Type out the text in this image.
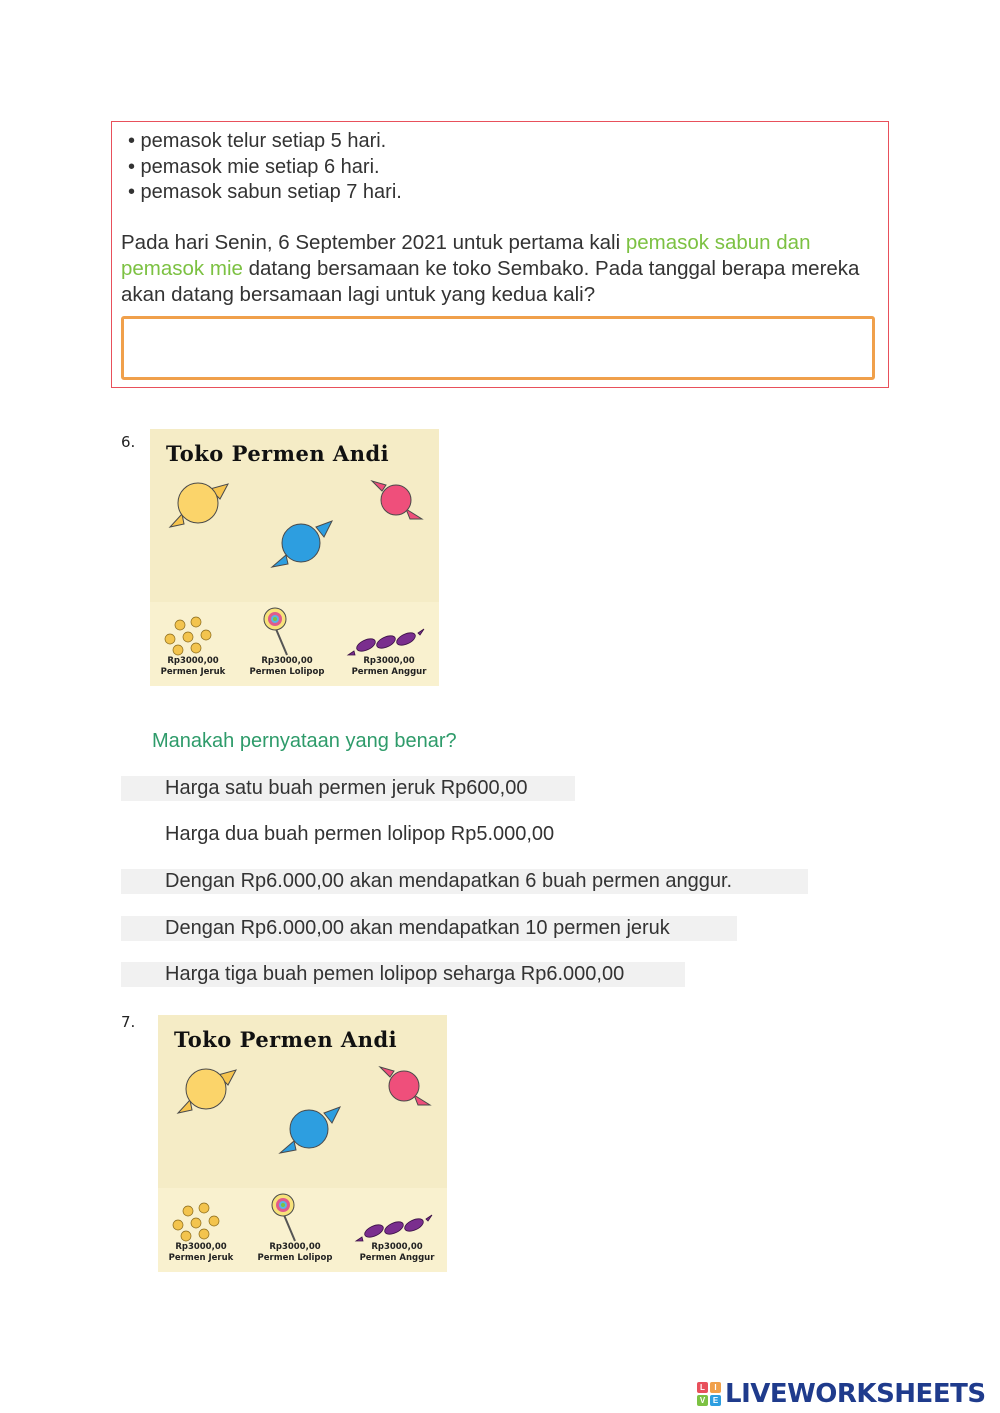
• pemasok telur setiap 5 hari.
• pemasok mie setiap 6 hari.
• pemasok sabun setiap 7 hari.
Pada hari Senin, 6 September 2021 untuk pertama kali pemasok sabun dan pemasok mie datang bersamaan ke toko Sembako. Pada tanggal berapa mereka akan datang bersamaan lagi untuk yang kedua kali?
6. Toko Permen Andi
Rp3000,00
Permen Jeruk
Rp3000,00
Permen Lolipop
Rp3000,00
Permen Anggur
Manakah pernyataan yang benar?
Harga satu buah permen jeruk Rp600,00
Harga dua buah permen lolipop Rp5.000,00
Dengan Rp6.000,00 akan mendapatkan 6 buah permen anggur.
Dengan Rp6.000,00 akan mendapatkan 10 permen jeruk
Harga tiga buah pemen lolipop seharga Rp6.000,00
7.
Toko Permen Andi
Rp3000,00
Permen Jeruk
Rp3000,00
Permen Lolipop
Rp3000,00
Permen Anggur
L	I
V E LIVEWORKSHEETS
